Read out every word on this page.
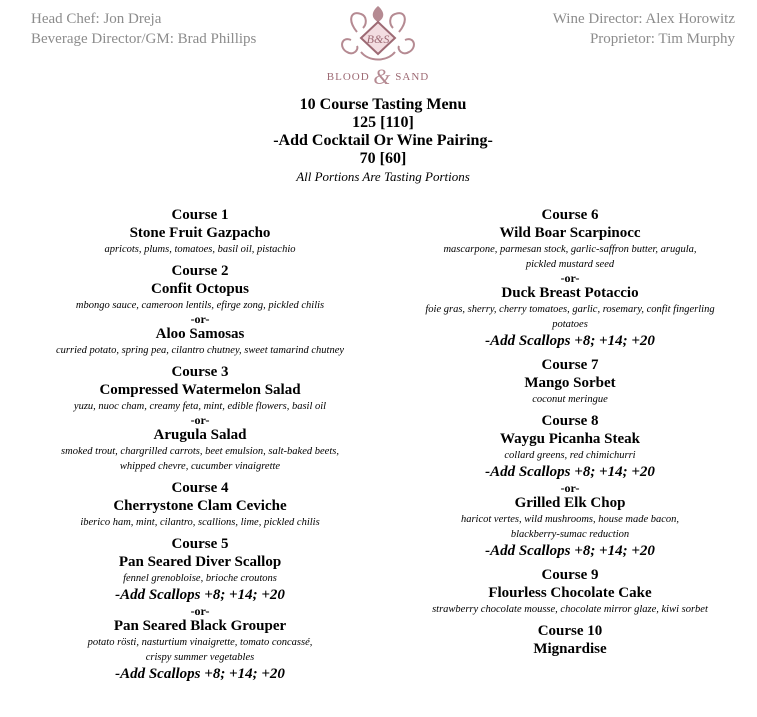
Head Chef: Jon Dreja
Beverage Director/GM: Brad Phillips
Wine Director: Alex Horowitz
Proprietor: Tim Murphy
B&S
BLOOD & SAND
10 Course Tasting Menu
125 [110]
-Add Cocktail Or Wine Pairing-
70 [60]
All Portions Are Tasting Portions
Course 1
Stone Fruit Gazpacho
apricots, plums, tomatoes, basil oil, pistachio
Course 2
Confit Octopus
mbongo sauce, cameroon lentils, efirge zong, pickled chilis
-or-
Aloo Samosas
curried potato, spring pea, cilantro chutney, sweet tamarind chutney
Course 3
Compressed Watermelon Salad
yuzu, nuoc cham, creamy feta, mint, edible flowers, basil oil
-or-
Arugula Salad
smoked trout, chargrilled carrots, beet emulsion, salt-baked beets,
whipped chevre, cucumber vinaigrette
Course 4
Cherrystone Clam Ceviche
iberico ham, mint, cilantro, scallions, lime, pickled chilis
Course 5
Pan Seared Diver Scallop
fennel grenobloise, brioche croutons
-Add Scallops +8; +14; +20
-or-
Pan Seared Black Grouper
potato rösti, nasturtium vinaigrette, tomato concassé,
crispy summer vegetables
-Add Scallops +8; +14; +20
Course 6
Wild Boar Scarpinocc
mascarpone, parmesan stock, garlic-saffron butter, arugula,
pickled mustard seed
-or-
Duck Breast Potaccio
foie gras, sherry, cherry tomatoes, garlic, rosemary, confit fingerling
potatoes
-Add Scallops +8; +14; +20
Course 7
Mango Sorbet
coconut meringue
Course 8
Waygu Picanha Steak
collard greens, red chimichurri
-Add Scallops +8; +14; +20
-or-
Grilled Elk Chop
haricot vertes, wild mushrooms, house made bacon,
blackberry-sumac reduction
-Add Scallops +8; +14; +20
Course 9
Flourless Chocolate Cake
strawberry chocolate mousse, chocolate mirror glaze, kiwi sorbet
Course 10
Mignardise
